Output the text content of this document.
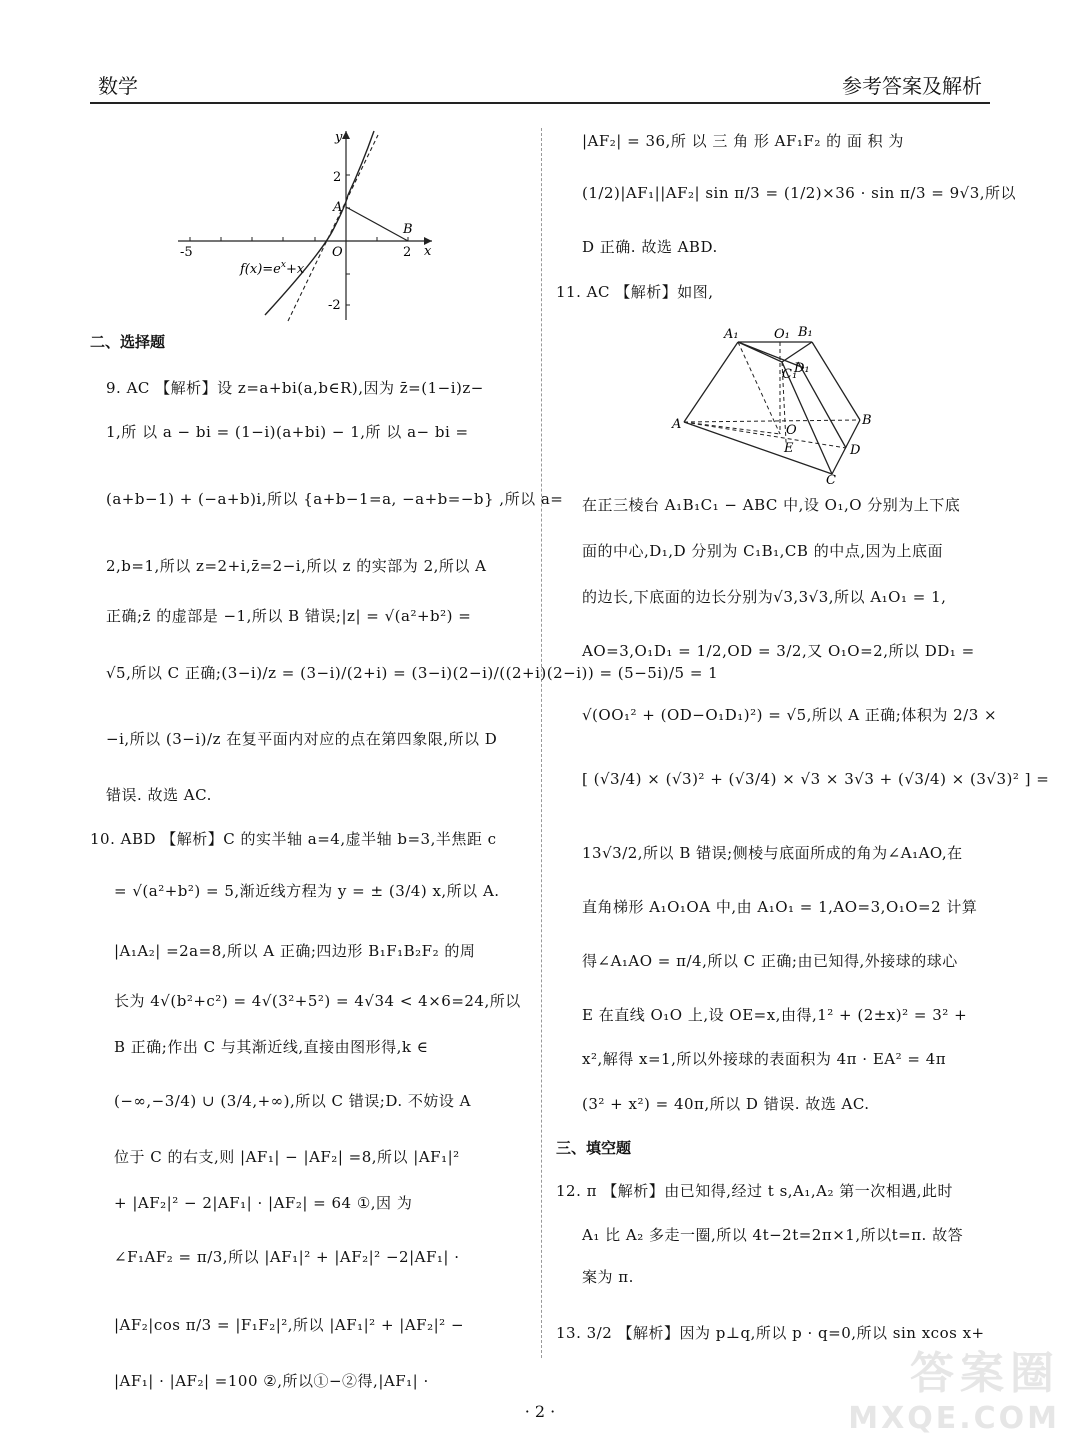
数学	参考答案及解析
y
x
2
-2
-5	2
O
A
B
$f(x)=e^x+x$
二、选择题
9. AC 【解析】设 z=a+bi(a,b∈R),因为 z̄=(1−i)z−
1,所 以 a − bi = (1−i)(a+bi) − 1,所 以 a− bi =
(a+b−1) + (−a+b)i,所以 {a+b−1=a, −a+b=−b} ,所以 a=
2,b=1,所以 z=2+i,z̄=2−i,所以 z 的实部为 2,所以 A
正确;z̄ 的虚部是 −1,所以 B 错误;|z| = √(a²+b²) =
√5,所以 C 正确;(3−i)/z = (3−i)/(2+i) = (3−i)(2−i)/((2+i)(2−i)) = (5−5i)/5 = 1
−i,所以 (3−i)/z 在复平面内对应的点在第四象限,所以 D
错误. 故选 AC.
10. ABD 【解析】C 的实半轴 a=4,虚半轴 b=3,半焦距 c
= √(a²+b²) = 5,渐近线方程为 y = ± (3/4) x,所以 A.
|A₁A₂| =2a=8,所以 A 正确;四边形 B₁F₁B₂F₂ 的周
长为 4√(b²+c²) = 4√(3²+5²) = 4√34 < 4×6=24,所以
B 正确;作出 C 与其渐近线,直接由图形得,k ∈
(−∞,−3/4) ∪ (3/4,+∞),所以 C 错误;D. 不妨设 A
位于 C 的右支,则 |AF₁| − |AF₂| =8,所以 |AF₁|²
+ |AF₂|² − 2|AF₁| · |AF₂| = 64 ①,因 为
∠F₁AF₂ = π/3,所以 |AF₁|² + |AF₂|² −2|AF₁| ·
|AF₂|cos π/3 = |F₁F₂|²,所以 |AF₁|² + |AF₂|² −
|AF₁| · |AF₂| =100 ②,所以①−②得,|AF₁| ·
|AF₂| = 36,所 以 三 角 形 AF₁F₂ 的 面 积 为
(1/2)|AF₁||AF₂| sin π/3 = (1/2)×36 · sin π/3 = 9√3,所以
D 正确. 故选 ABD.
11. AC 【解析】如图,
在正三棱台 A₁B₁C₁ − ABC 中,设 O₁,O 分别为上下底
面的中心,D₁,D 分别为 C₁B₁,CB 的中点,因为上底面
的边长,下底面的边长分别为√3,3√3,所以 A₁O₁ = 1,
AO=3,O₁D₁ = 1/2,OD = 3/2,又 O₁O=2,所以 DD₁ =
√(OO₁² + (OD−O₁D₁)²) = √5,所以 A 正确;体积为 2/3 ×
[ (√3/4) × (√3)² + (√3/4) × √3 × 3√3 + (√3/4) × (3√3)² ] =
13√3/2,所以 B 错误;侧棱与底面所成的角为∠A₁AO,在
直角梯形 A₁O₁OA 中,由 A₁O₁ = 1,AO=3,O₁O=2 计算
得∠A₁AO = π/4,所以 C 正确;由已知得,外接球的球心
E 在直线 O₁O 上,设 OE=x,由得,1² + (2±x)² = 3² +
x²,解得 x=1,所以外接球的表面积为 4π · EA² = 4π
(3² + x²) = 40π,所以 D 错误. 故选 AC.
12. π 【解析】由已知得,经过 t s,A₁,A₂ 第一次相遇,此时
A₁ 比 A₂ 多走一圈,所以 4t−2t=2π×1,所以t=π. 故答
案为 π.
13. 3/2 【解析】因为 p⊥q,所以 p · q=0,所以 sin xcos x+
三、填空题
A₁	O₁ B₁
C₁
D₁
A	O
B
E	D
C
· 2 ·
答案圈
MXQE.COM
